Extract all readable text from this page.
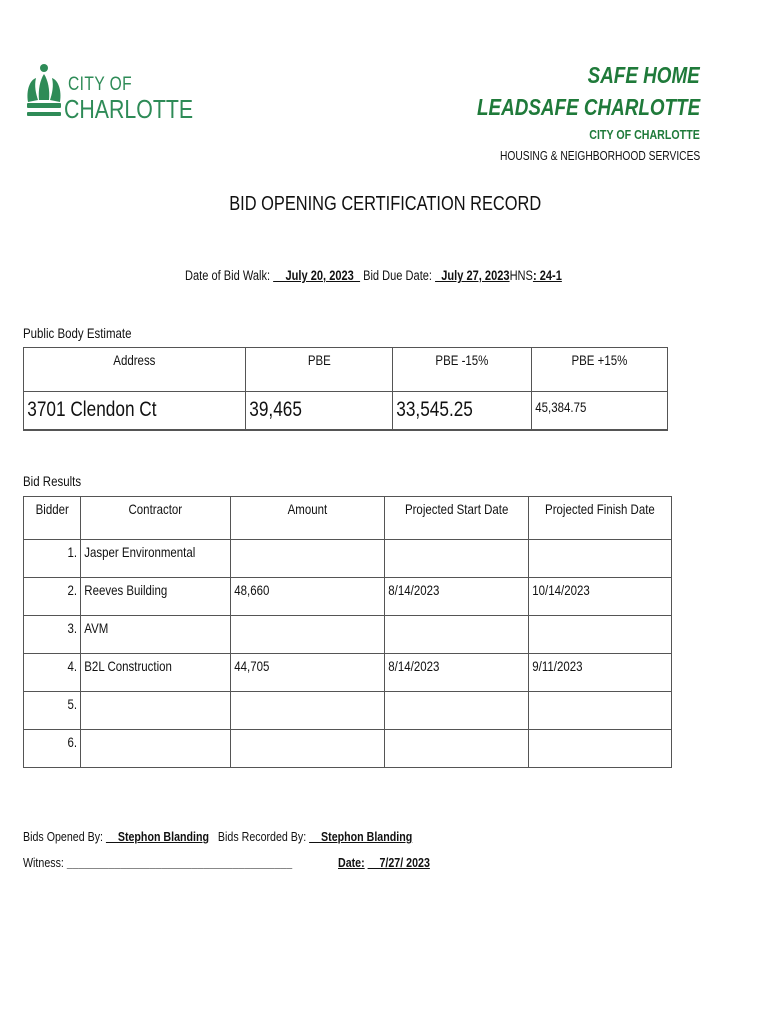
CITY OF
CHARLOTTE
SAFE HOME
LEADSAFE CHARLOTTE
CITY OF CHARLOTTE
HOUSING & NEIGHBORHOOD SERVICES
BID OPENING CERTIFICATION RECORD
Date of Bid Walk: __July 20, 2023_ Bid Due Date: _July 27, 2023HNS: 24-1
Public Body Estimate
Address	PBE	PBE -15%	PBE +15%

3701 Clendon Ct	39,465	33,545.25	45,384.75
Bid Results
Bidder	Contractor	Amount	Projected Start Date	Projected Finish Date

1.	Jasper Environmental			

2.	Reeves Building	48,660	8/14/2023	10/14/2023

3.	AVM			

4.	B2L Construction	44,705	8/14/2023	9/11/2023

5.				

6.				

Bids Opened By: __Stephon Blanding Bids Recorded By: __Stephon Blanding
Witness: ______________________________________	Date: __7/27/ 2023
